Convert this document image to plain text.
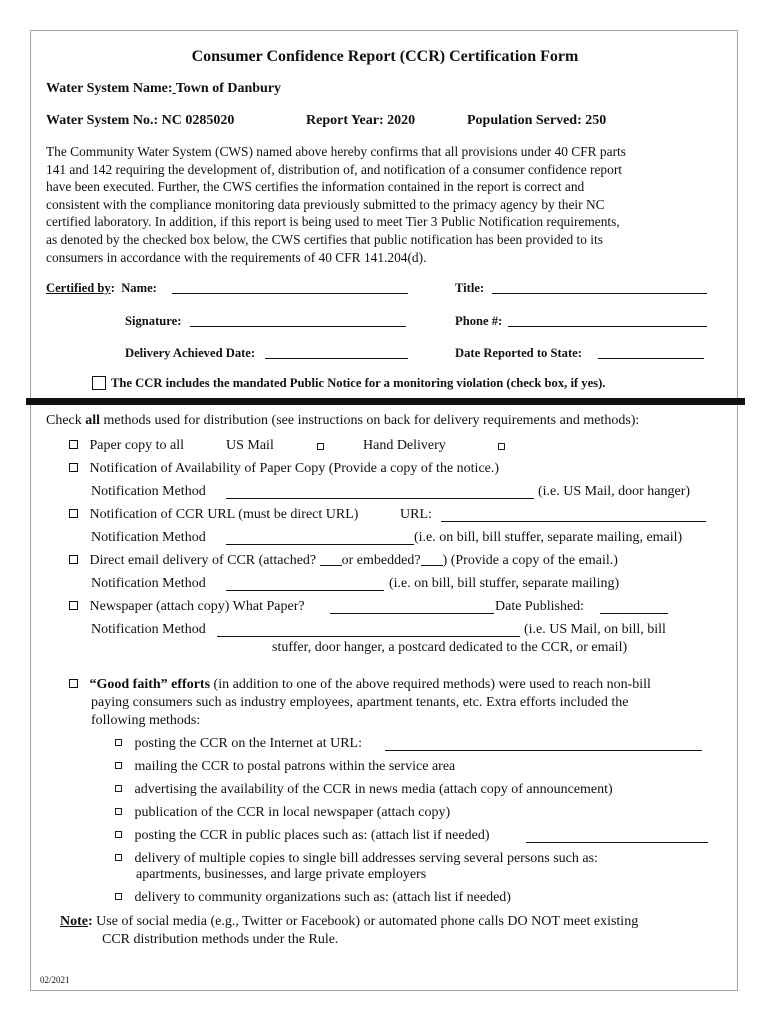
Consumer Confidence Report (CCR) Certification Form
Water System Name: Town of Danbury
Water System No.: NC 0285020	Report Year: 2020	Population Served: 250
The Community Water System (CWS) named above hereby confirms that all provisions under 40 CFR parts
141 and 142 requiring the development of, distribution of, and notification of a consumer confidence report
have been executed. Further, the CWS certifies the information contained in the report is correct and
consistent with the compliance monitoring data previously submitted to the primacy agency by their NC
certified laboratory. In addition, if this report is being used to meet Tier 3 Public Notification requirements,
as denoted by the checked box below, the CWS certifies that public notification has been provided to its
consumers in accordance with the requirements of 40 CFR 141.204(d).
Certified by:  Name:	Title:
Signature:	Phone #:
Delivery Achieved Date:	Date Reported to State:
The CCR includes the mandated Public Notice for a monitoring violation (check box, if yes).
Check all methods used for distribution (see instructions on back for delivery requirements and methods):
Paper copy to all	US Mail	Hand Delivery
Notification of Availability of Paper Copy (Provide a copy of the notice.)
Notification Method	(i.e. US Mail, door hanger)
Notification of CCR URL (must be direct URL)	URL:
Notification Method	(i.e. on bill, bill stuffer, separate mailing, email)
Direct email delivery of CCR (attached? or embedded? ) (Provide a copy of the email.)
Notification Method	(i.e. on bill, bill stuffer, separate mailing)
Newspaper (attach copy) What Paper?	Date Published:
Notification Method	(i.e. US Mail, on bill, bill
stuffer, door hanger, a postcard dedicated to the CCR, or email)
“Good faith” efforts (in addition to one of the above required methods) were used to reach non-bill
paying consumers such as industry employees, apartment tenants, etc. Extra efforts included the
following methods:
posting the CCR on the Internet at URL:
mailing the CCR to postal patrons within the service area
advertising the availability of the CCR in news media (attach copy of announcement)
publication of the CCR in local newspaper (attach copy)
posting the CCR in public places such as: (attach list if needed)
delivery of multiple copies to single bill addresses serving several persons such as:
apartments, businesses, and large private employers
delivery to community organizations such as: (attach list if needed)
Note: Use of social media (e.g., Twitter or Facebook) or automated phone calls DO NOT meet existing
CCR distribution methods under the Rule.
02/2021
